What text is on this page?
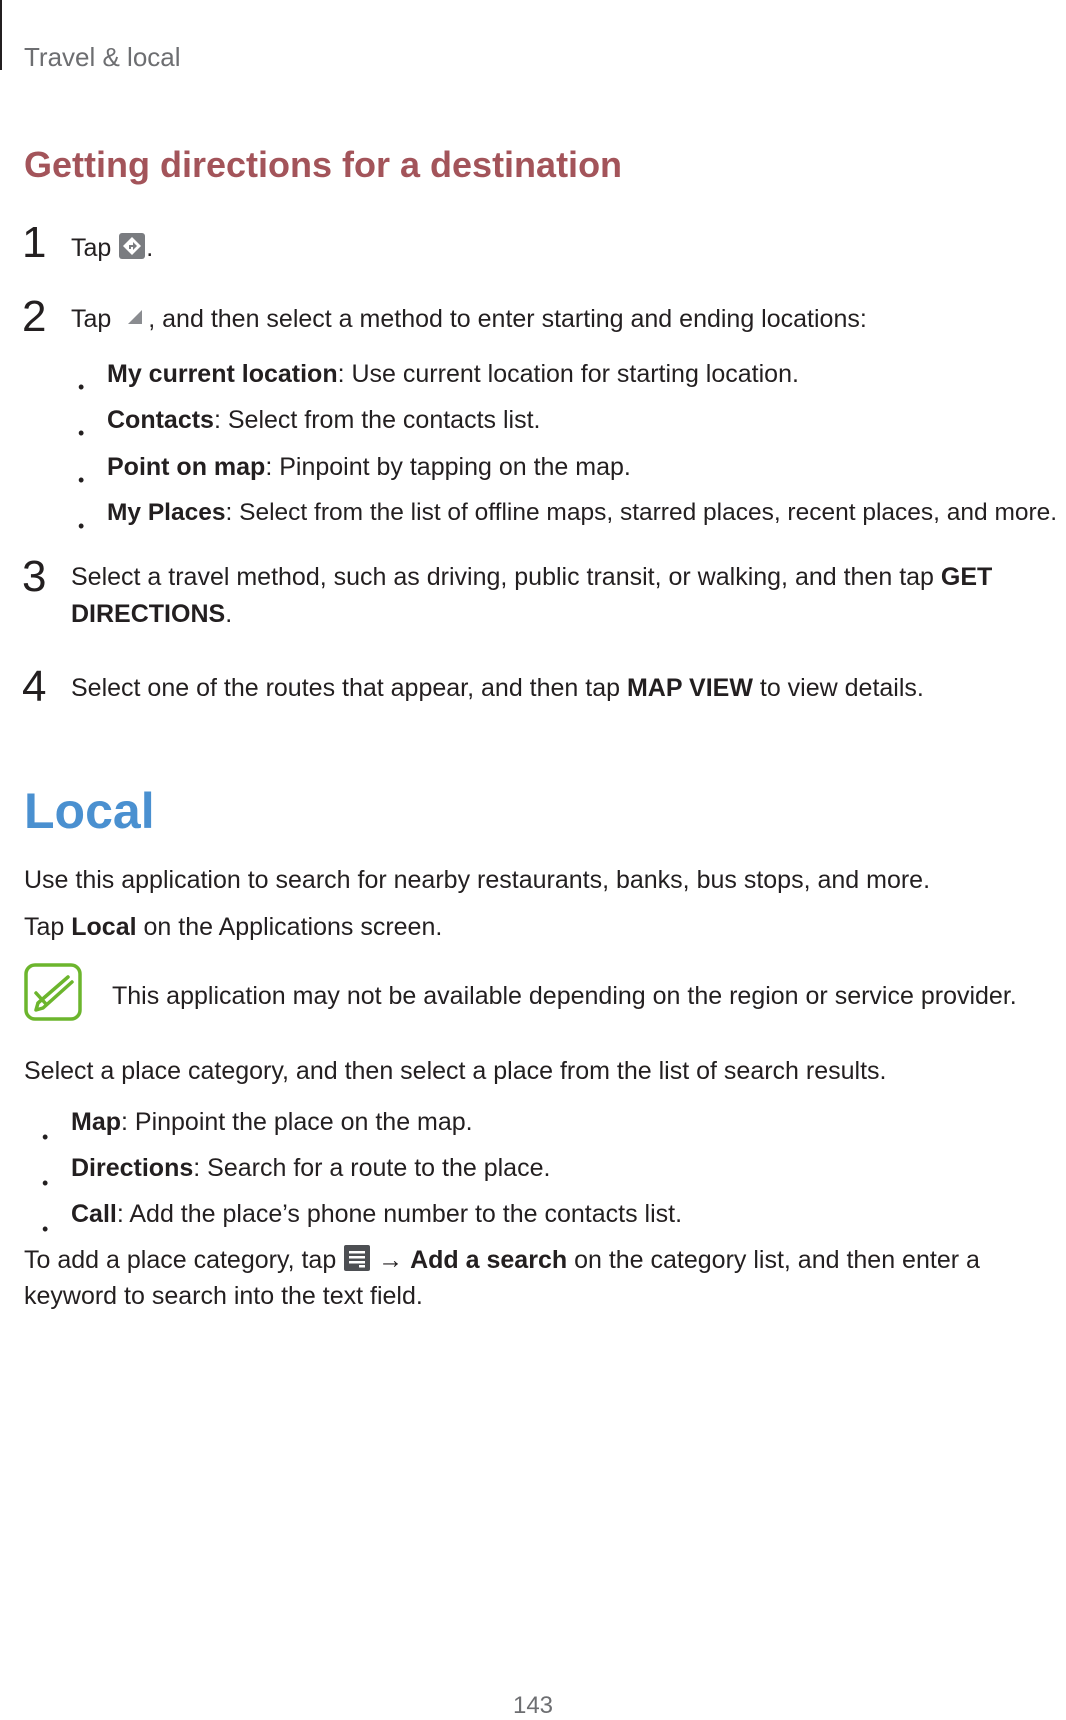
Travel & local
Getting directions for a destination
1 Tap .
2 Tap , and then select a method to enter starting and ending locations:
• My current location: Use current location for starting location.
• Contacts: Select from the contacts list.
• Point on map: Pinpoint by tapping on the map.
• My Places: Select from the list of offline maps, starred places, recent places, and more.
3 Select a travel method, such as driving, public transit, or walking, and then tap GET
DIRECTIONS.
4 Select one of the routes that appear, and then tap MAP VIEW to view details.
Local
Use this application to search for nearby restaurants, banks, bus stops, and more.
Tap Local on the Applications screen.
This application may not be available depending on the region or service provider.
Select a place category, and then select a place from the list of search results.
•
Map: Pinpoint the place on the map.
•
Directions: Search for a route to the place.
•
Call: Add the place’s phone number to the contacts list.
To add a place category, tap  → Add a search on the category list, and then enter a
keyword to search into the text field.
143
